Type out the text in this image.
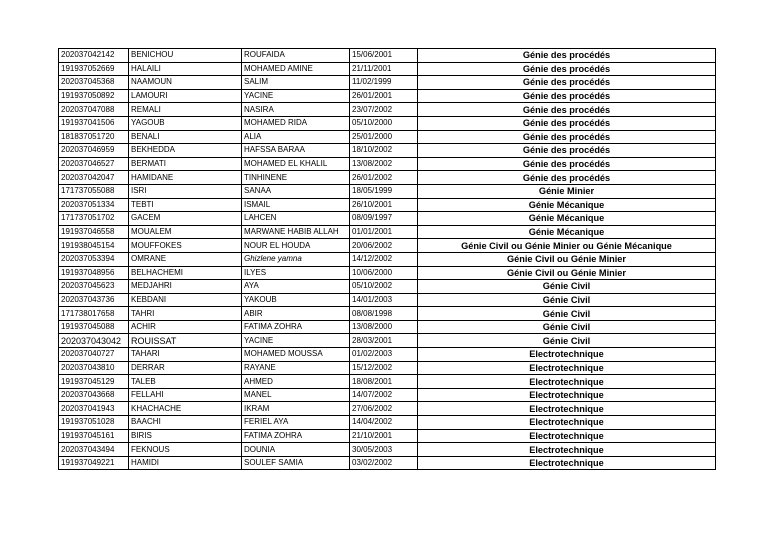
202037042142	BENICHOU	ROUFAIDA	15/06/2001	Génie des procédés
191937052669	HALAILI	MOHAMED AMINE	21/11/2001	Génie des procédés
202037045368	NAAMOUN	SALIM	11/02/1999	Génie des procédés
191937050892	LAMOURI	YACINE	26/01/2001	Génie des procédés
202037047088	REMALI	NASIRA	23/07/2002	Génie des procédés
191937041506	YAGOUB	MOHAMED RIDA	05/10/2000	Génie des procédés
181837051720	BENALI	ALIA	25/01/2000	Génie des procédés
202037046959	BEKHEDDA	HAFSSA BARAA	18/10/2002	Génie des procédés
202037046527	BERMATI	MOHAMED EL KHALIL	13/08/2002	Génie des procédés
202037042047	HAMIDANE	TINHINENE	26/01/2002	Génie des procédés
171737055088	ISRI	SANAA	18/05/1999	Génie Minier
202037051334	TEBTI	ISMAIL	26/10/2001	Génie Mécanique
171737051702	GACEM	LAHCEN	08/09/1997	Génie Mécanique
191937046558	MOUALEM	MARWANE HABIB ALLAH	01/01/2001	Génie Mécanique
191938045154	MOUFFOKES	NOUR EL HOUDA	20/06/2002	Génie Civil ou Génie Minier ou Génie Mécanique
202037053394	OMRANE	Ghizlene yamna	14/12/2002	Génie Civil ou Génie Minier
191937048956	BELHACHEMI	ILYES	10/06/2000	Génie Civil ou Génie Minier
202037045623	MEDJAHRI	AYA	05/10/2002	Génie Civil
202037043736	KEBDANI	YAKOUB	14/01/2003	Génie Civil
171738017658	TAHRI	ABIR	08/08/1998	Génie Civil
191937045088	ACHIR	FATIMA ZOHRA	13/08/2000	Génie Civil
202037043042	ROUISSAT	YACINE	28/03/2001	Génie Civil
202037040727	TAHARI	MOHAMED MOUSSA	01/02/2003	Electrotechnique
202037043810	DERRAR	RAYANE	15/12/2002	Electrotechnique
191937045129	TALEB	AHMED	18/08/2001	Electrotechnique
202037043668	FELLAHI	MANEL	14/07/2002	Electrotechnique
202037041943	KHACHACHE	IKRAM	27/06/2002	Electrotechnique
191937051028	BAACHI	FERIEL AYA	14/04/2002	Electrotechnique
191937045161	BIRIS	FATIMA ZOHRA	21/10/2001	Electrotechnique
202037043494	FEKNOUS	DOUNIA	30/05/2003	Electrotechnique
191937049221	HAMIDI	SOULEF SAMIA	03/02/2002	Electrotechnique
